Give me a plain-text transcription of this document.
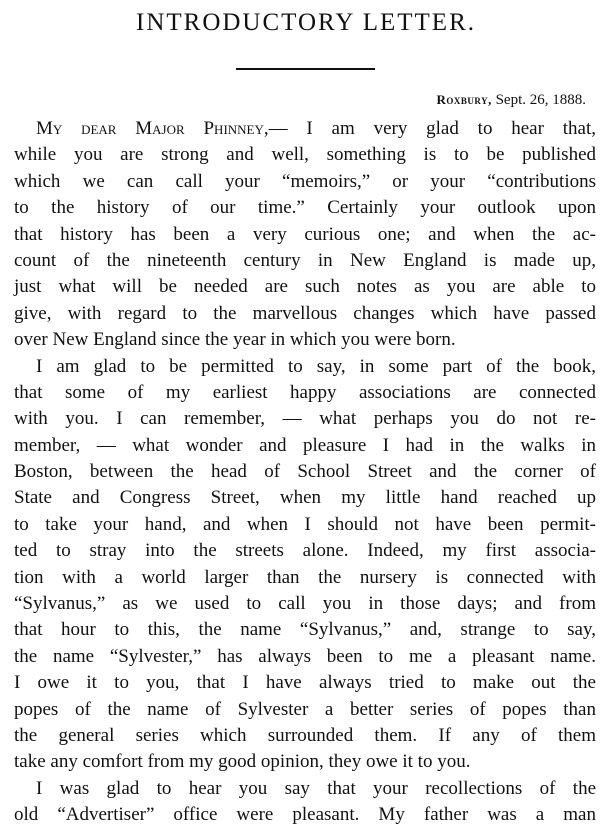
INTRODUCTORY LETTER.
Roxbury, Sept. 26, 1888.
My dear Major Phinney,— I am very glad to hear that,
while you are strong and well, something is to be published
which we can call your “memoirs,” or your “contributions
to the history of our time.” Certainly your outlook upon
that history has been a very curious one; and when the ac-
count of the nineteenth century in New England is made up,
just what will be needed are such notes as you are able to
give, with regard to the marvellous changes which have passed
over New England since the year in which you were born.
I am glad to be permitted to say, in some part of the book,
that some of my earliest happy associations are connected
with you. I can remember, — what perhaps you do not re-
member, — what wonder and pleasure I had in the walks in
Boston, between the head of School Street and the corner of
State and Congress Street, when my little hand reached up
to take your hand, and when I should not have been permit-
ted to stray into the streets alone. Indeed, my first associa-
tion with a world larger than the nursery is connected with
“Sylvanus,” as we used to call you in those days; and from
that hour to this, the name “Sylvanus,” and, strange to say,
the name “Sylvester,” has always been to me a pleasant name.
I owe it to you, that I have always tried to make out the
popes of the name of Sylvester a better series of popes than
the general series which surrounded them. If any of them
take any comfort from my good opinion, they owe it to you.
I was glad to hear you say that your recollections of the
old “Advertiser” office were pleasant. My father was a man
